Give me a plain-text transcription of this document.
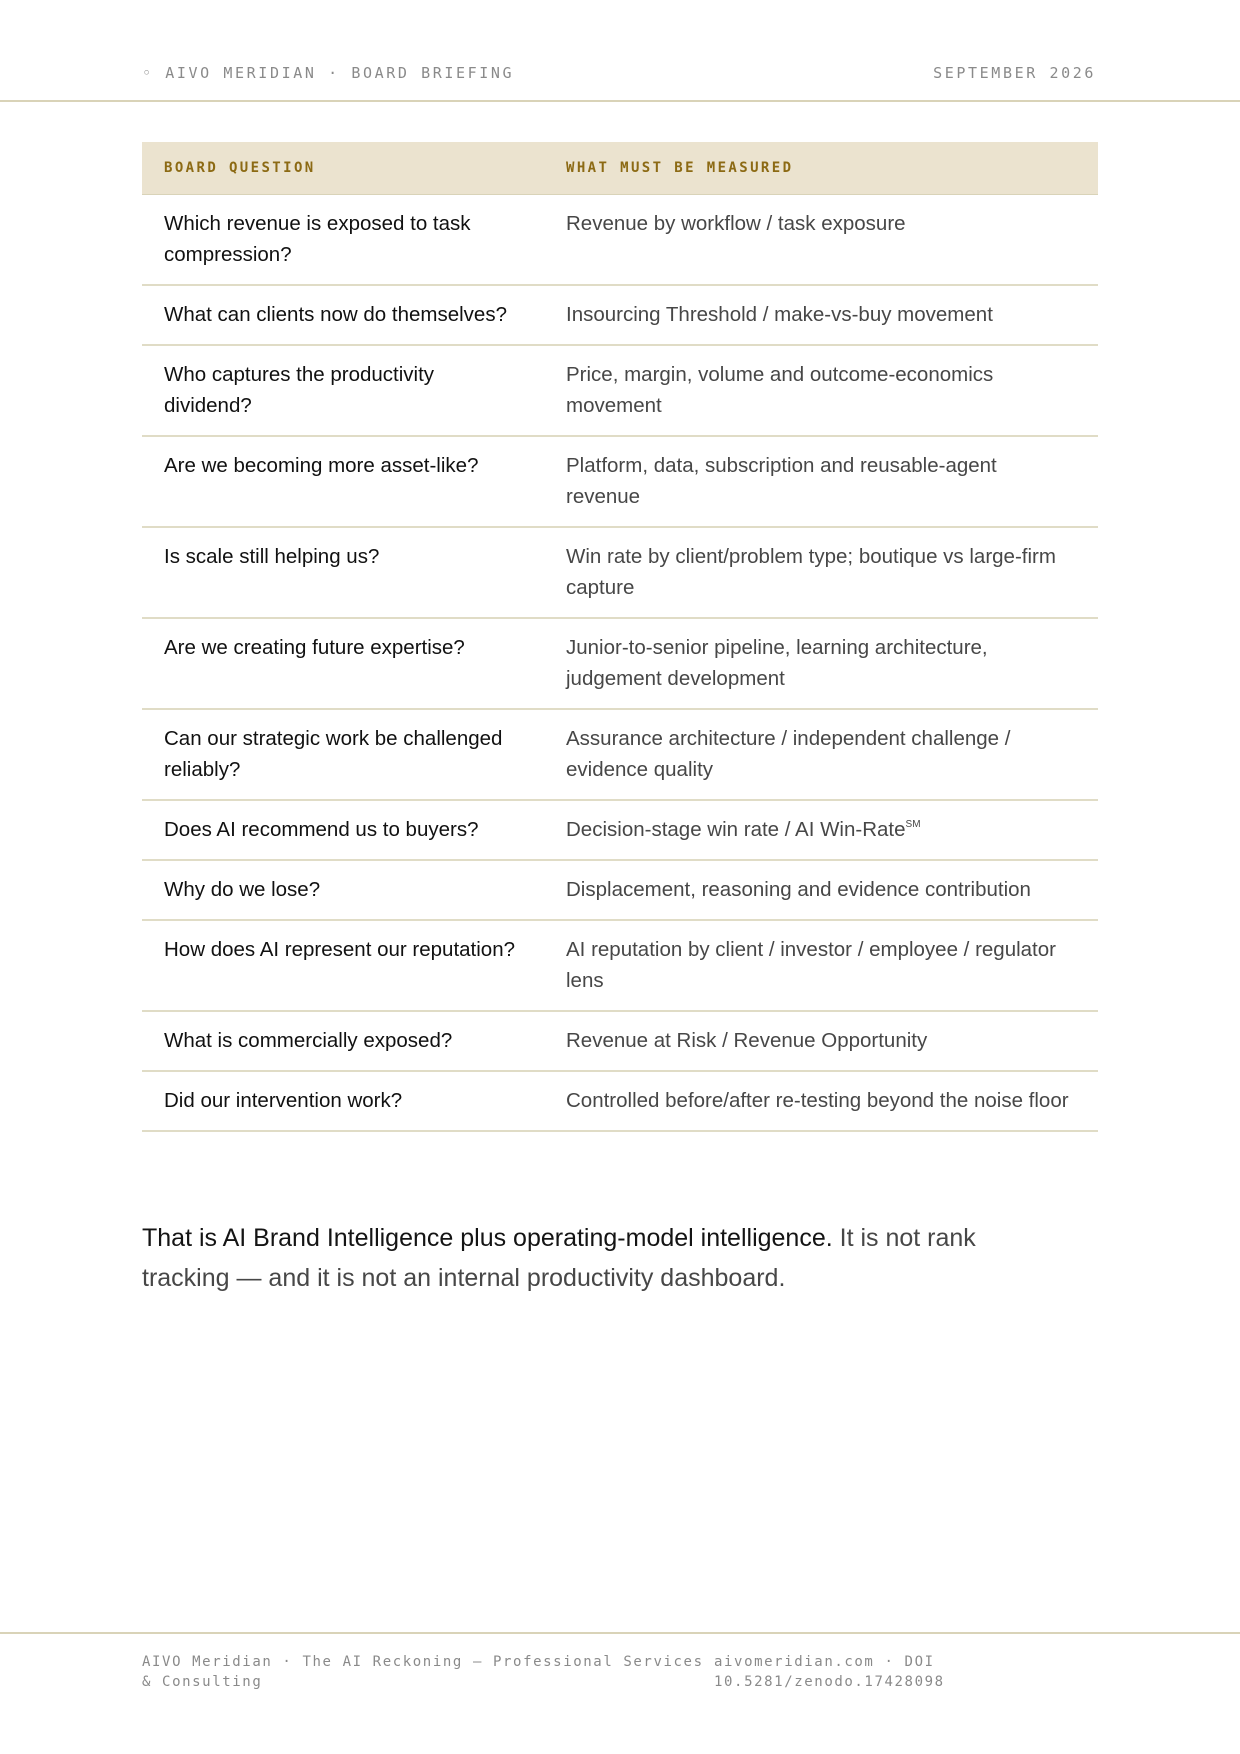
◦ AIVO MERIDIAN · BOARD BRIEFING	SEPTEMBER 2026
BOARD QUESTION	WHAT MUST BE MEASURED
Which revenue is exposed to task compression?	Revenue by workflow / task exposure
What can clients now do themselves?	Insourcing Threshold / make-vs-buy movement
Who captures the productivity dividend?	Price, margin, volume and outcome-economics movement
Are we becoming more asset-like?	Platform, data, subscription and reusable-agent revenue
Is scale still helping us?	Win rate by client/problem type; boutique vs large-firm capture
Are we creating future expertise?	Junior-to-senior pipeline, learning architecture, judgement development
Can our strategic work be challenged reliably?	Assurance architecture / independent challenge / evidence quality
Does AI recommend us to buyers?	Decision-stage win rate / AI Win-Rate℠
Why do we lose?	Displacement, reasoning and evidence contribution
How does AI represent our reputation?	AI reputation by client / investor / employee / regulator lens
What is commercially exposed?	Revenue at Risk / Revenue Opportunity
Did our intervention work?	Controlled before/after re-testing beyond the noise floor

That is AI Brand Intelligence plus operating-model intelligence. It is not rank tracking — and it is not an internal productivity dashboard.

AIVO Meridian · The AI Reckoning — Professional Services & Consulting
aivomeridian.com · DOI 10.5281/zenodo.17428098
